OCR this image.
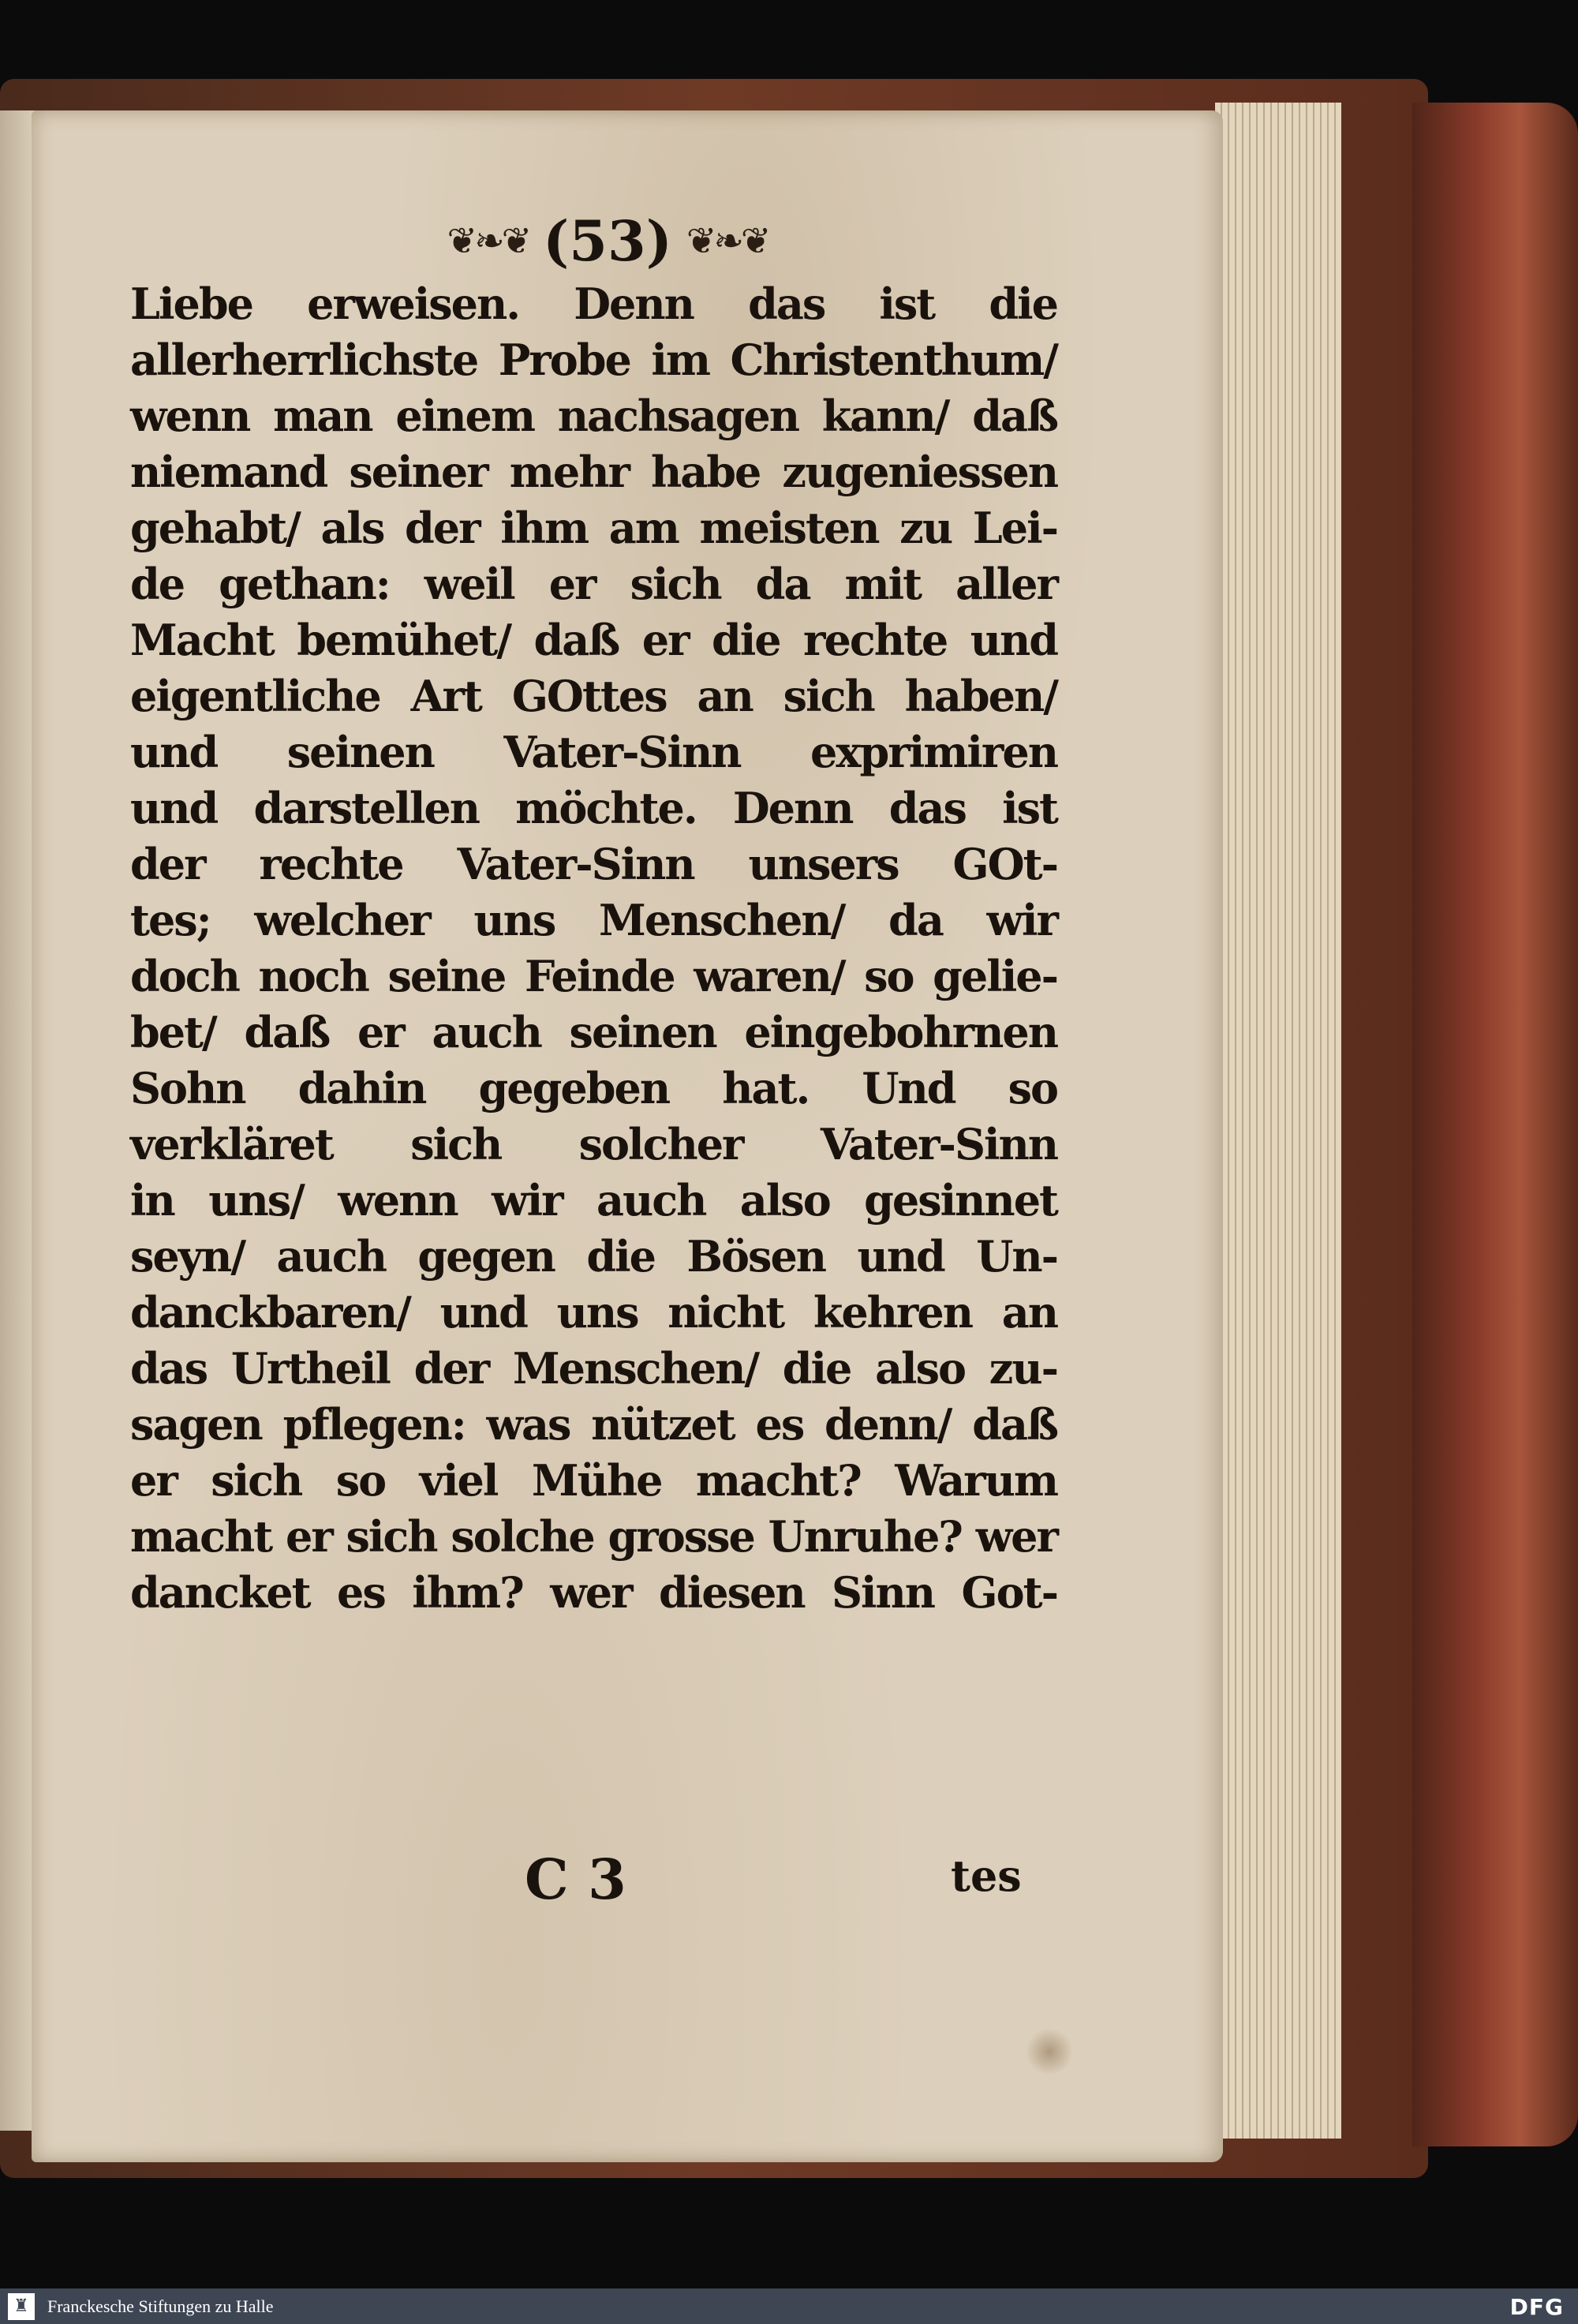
❦❧❦ (53) ❦❧❦
Liebe erweisen. Denn das ist die
allerherrlichste Probe im Christenthum/
wenn man einem nachsagen kann/ daß
niemand seiner mehr habe zugeniessen
gehabt/ als der ihm am meisten zu Lei-
de gethan: weil er sich da mit aller
Macht bemühet/ daß er die rechte und
eigentliche Art GOttes an sich haben/
und seinen Vater-Sinn exprimiren
und darstellen möchte. Denn das ist
der rechte Vater-Sinn unsers GOt-
tes; welcher uns Menschen/ da wir
doch noch seine Feinde waren/ so gelie-
bet/ daß er auch seinen eingebohrnen
Sohn dahin gegeben hat. Und so
verkläret sich solcher Vater-Sinn
in uns/ wenn wir auch also gesinnet
seyn/ auch gegen die Bösen und Un-
danckbaren/ und uns nicht kehren an
das Urtheil der Menschen/ die also zu-
sagen pflegen: was nützet es denn/ daß
er sich so viel Mühe macht? Warum
macht er sich solche grosse Unruhe? wer
dancket es ihm? wer diesen Sinn Got-
C 3	tes
♜	Franckesche Stiftungen zu Halle	DFG
